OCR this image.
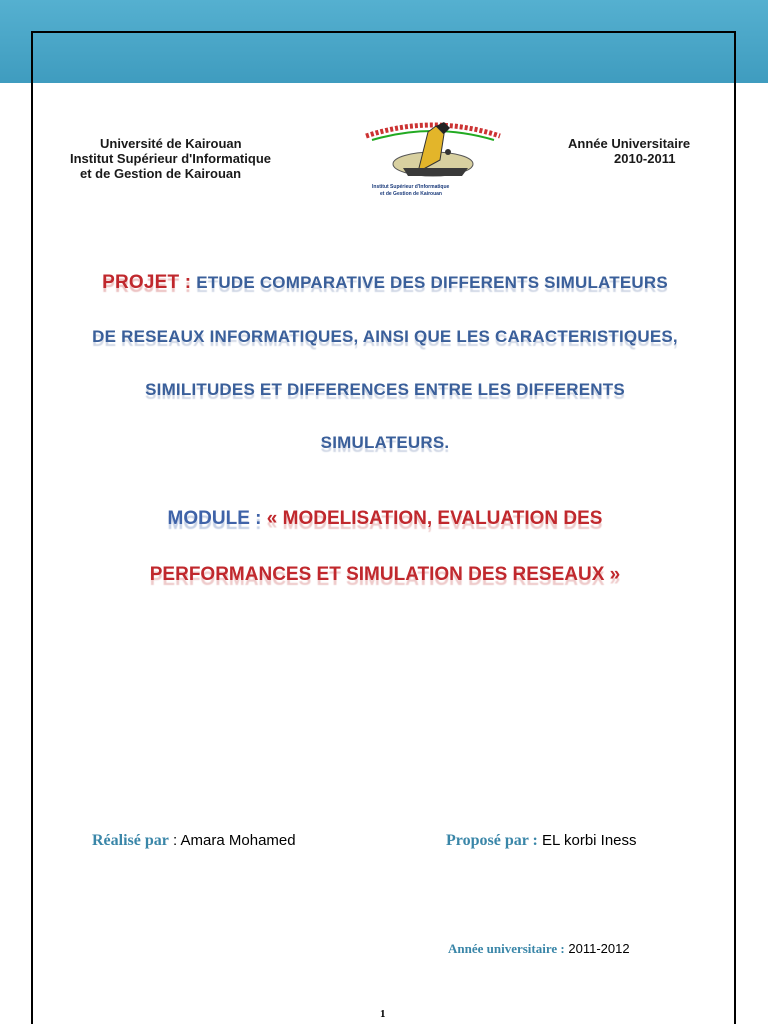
Université de Kairouan
Institut Supérieur d'Informatique
et de Gestion de Kairouan
Institut Supérieur d'Informatique
et de Gestion de Kairouan
Année Universitaire
2010-2011
PROJET : ETUDE COMPARATIVE DES DIFFERENTS SIMULATEURS
DE RESEAUX INFORMATIQUES, AINSI QUE LES CARACTERISTIQUES,
SIMILITUDES ET DIFFERENCES ENTRE LES DIFFERENTS
SIMULATEURS.
MODULE : « MODELISATION, EVALUATION DES
PERFORMANCES ET SIMULATION DES RESEAUX »
Réalisé par : Amara Mohamed	Proposé par : EL korbi Iness
Année universitaire : 2011-2012
1
